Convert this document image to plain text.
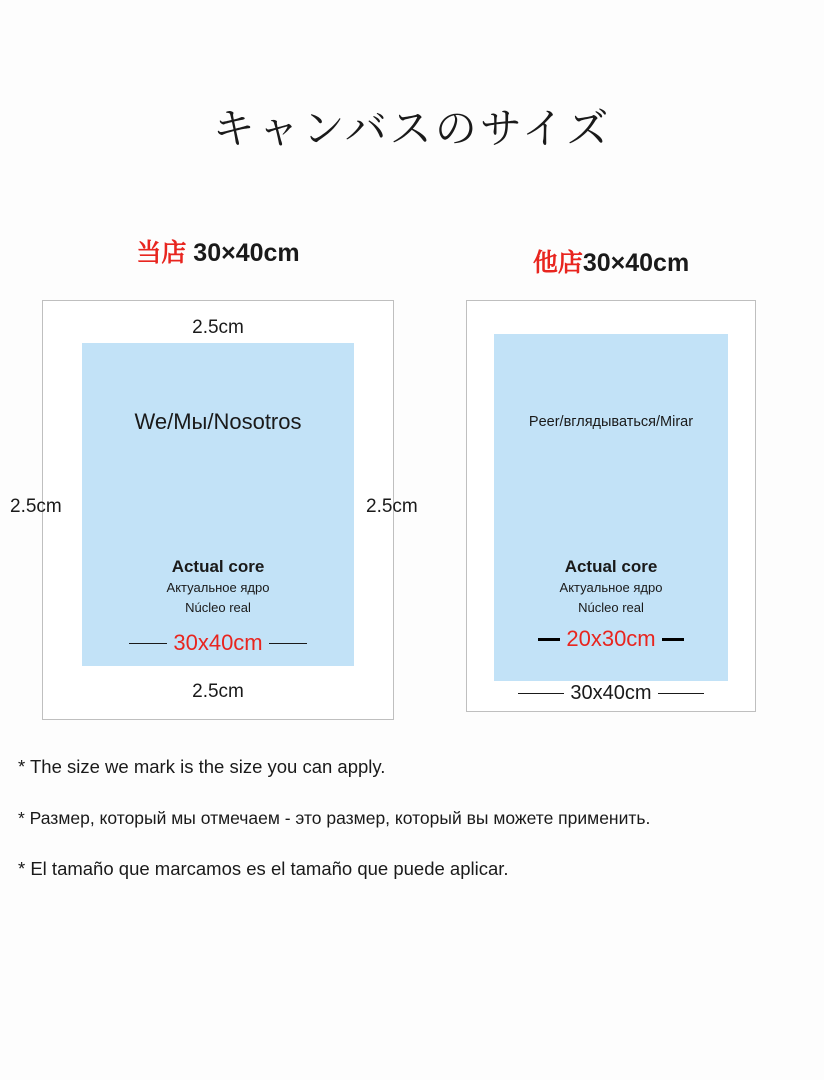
キャンバスのサイズ
当店 30×40cm
2.5cm
2.5cm	2.5cm
2.5cm
We/Мы/Nosotros
Actual core
Актуальное ядро
Núcleo real
30x40cm
他店30×40cm
Peer/вглядываться/Mirar
Actual core
Актуальное ядро
Núcleo real
20x30cm
30x40cm
* The size we mark is the size you can apply.
* Размер, который мы отмечаем - это размер, который вы можете применить.
* El tamaño que marcamos es el tamaño que puede aplicar.
